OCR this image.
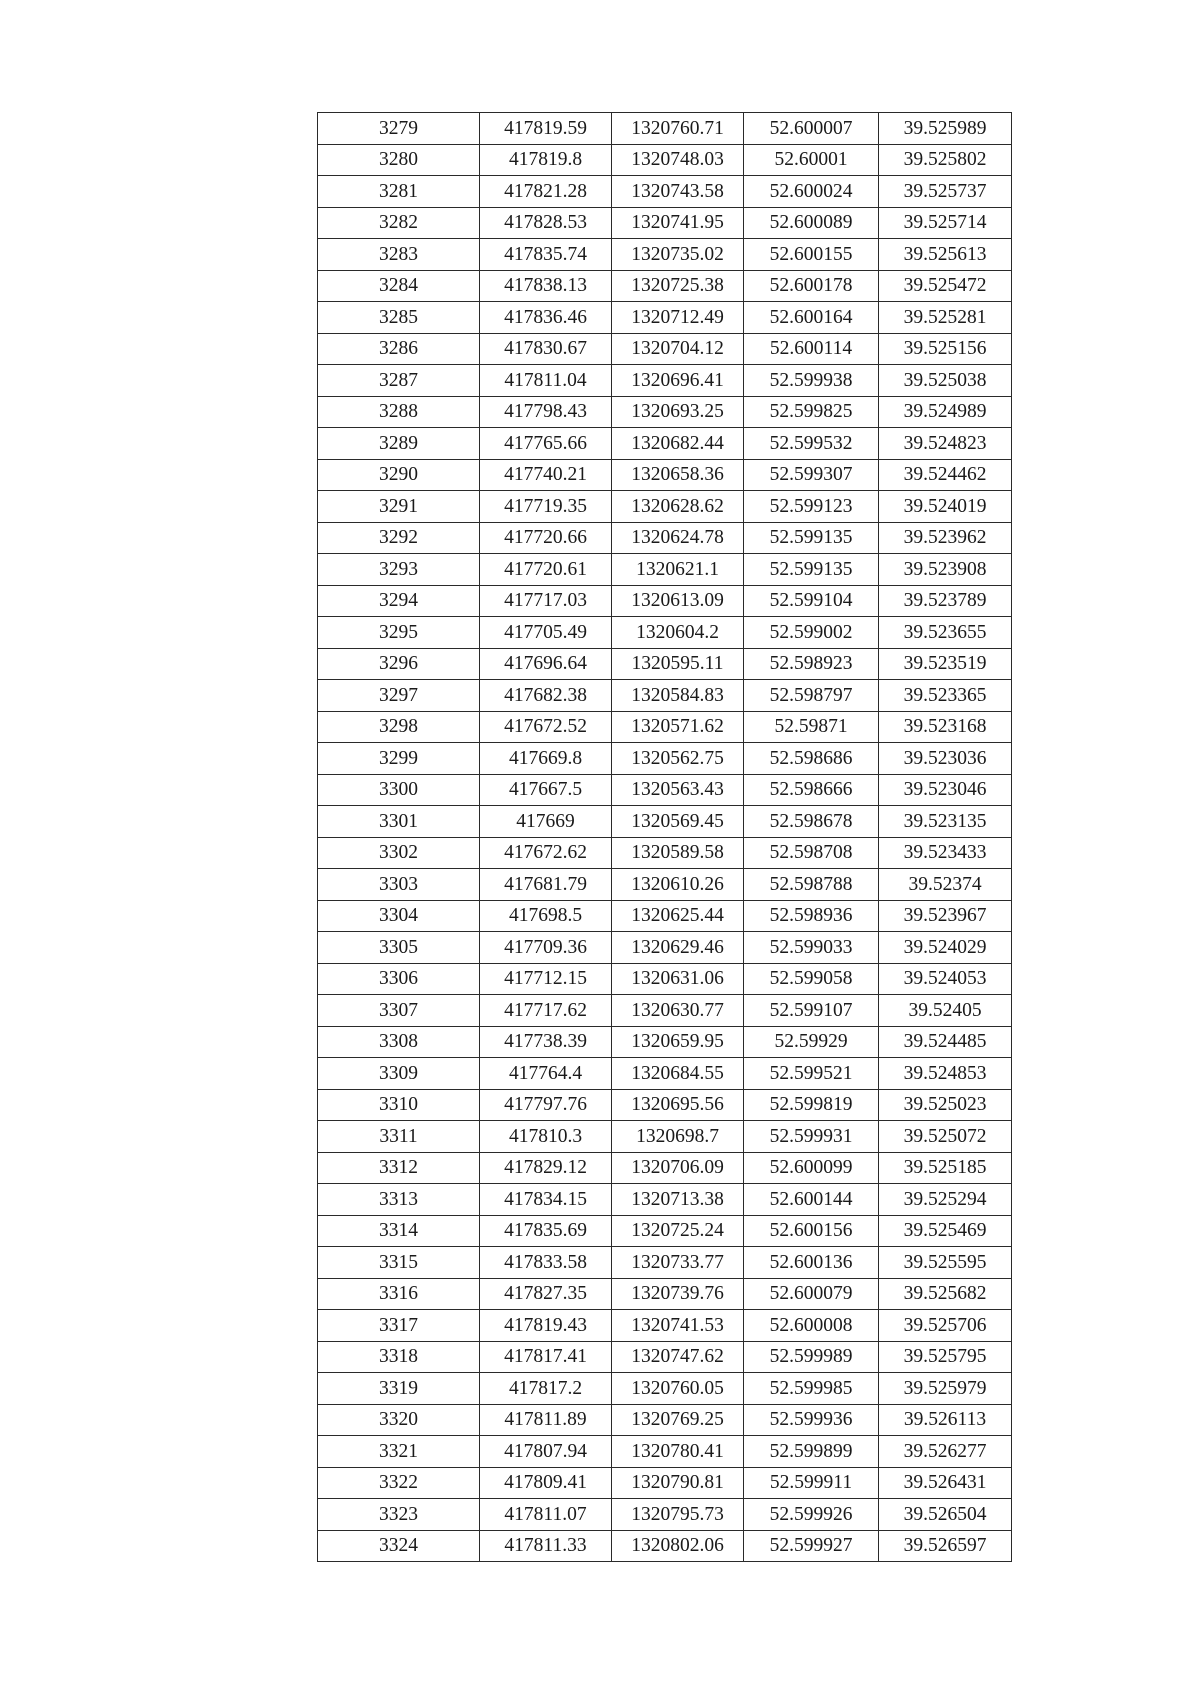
3279	417819.59	1320760.71	52.600007	39.525989
3280	417819.8	1320748.03	52.60001	39.525802
3281	417821.28	1320743.58	52.600024	39.525737
3282	417828.53	1320741.95	52.600089	39.525714
3283	417835.74	1320735.02	52.600155	39.525613
3284	417838.13	1320725.38	52.600178	39.525472
3285	417836.46	1320712.49	52.600164	39.525281
3286	417830.67	1320704.12	52.600114	39.525156
3287	417811.04	1320696.41	52.599938	39.525038
3288	417798.43	1320693.25	52.599825	39.524989
3289	417765.66	1320682.44	52.599532	39.524823
3290	417740.21	1320658.36	52.599307	39.524462
3291	417719.35	1320628.62	52.599123	39.524019
3292	417720.66	1320624.78	52.599135	39.523962
3293	417720.61	1320621.1	52.599135	39.523908
3294	417717.03	1320613.09	52.599104	39.523789
3295	417705.49	1320604.2	52.599002	39.523655
3296	417696.64	1320595.11	52.598923	39.523519
3297	417682.38	1320584.83	52.598797	39.523365
3298	417672.52	1320571.62	52.59871	39.523168
3299	417669.8	1320562.75	52.598686	39.523036
3300	417667.5	1320563.43	52.598666	39.523046
3301	417669	1320569.45	52.598678	39.523135
3302	417672.62	1320589.58	52.598708	39.523433
3303	417681.79	1320610.26	52.598788	39.52374
3304	417698.5	1320625.44	52.598936	39.523967
3305	417709.36	1320629.46	52.599033	39.524029
3306	417712.15	1320631.06	52.599058	39.524053
3307	417717.62	1320630.77	52.599107	39.52405
3308	417738.39	1320659.95	52.59929	39.524485
3309	417764.4	1320684.55	52.599521	39.524853
3310	417797.76	1320695.56	52.599819	39.525023
3311	417810.3	1320698.7	52.599931	39.525072
3312	417829.12	1320706.09	52.600099	39.525185
3313	417834.15	1320713.38	52.600144	39.525294
3314	417835.69	1320725.24	52.600156	39.525469
3315	417833.58	1320733.77	52.600136	39.525595
3316	417827.35	1320739.76	52.600079	39.525682
3317	417819.43	1320741.53	52.600008	39.525706
3318	417817.41	1320747.62	52.599989	39.525795
3319	417817.2	1320760.05	52.599985	39.525979
3320	417811.89	1320769.25	52.599936	39.526113
3321	417807.94	1320780.41	52.599899	39.526277
3322	417809.41	1320790.81	52.599911	39.526431
3323	417811.07	1320795.73	52.599926	39.526504
3324	417811.33	1320802.06	52.599927	39.526597
